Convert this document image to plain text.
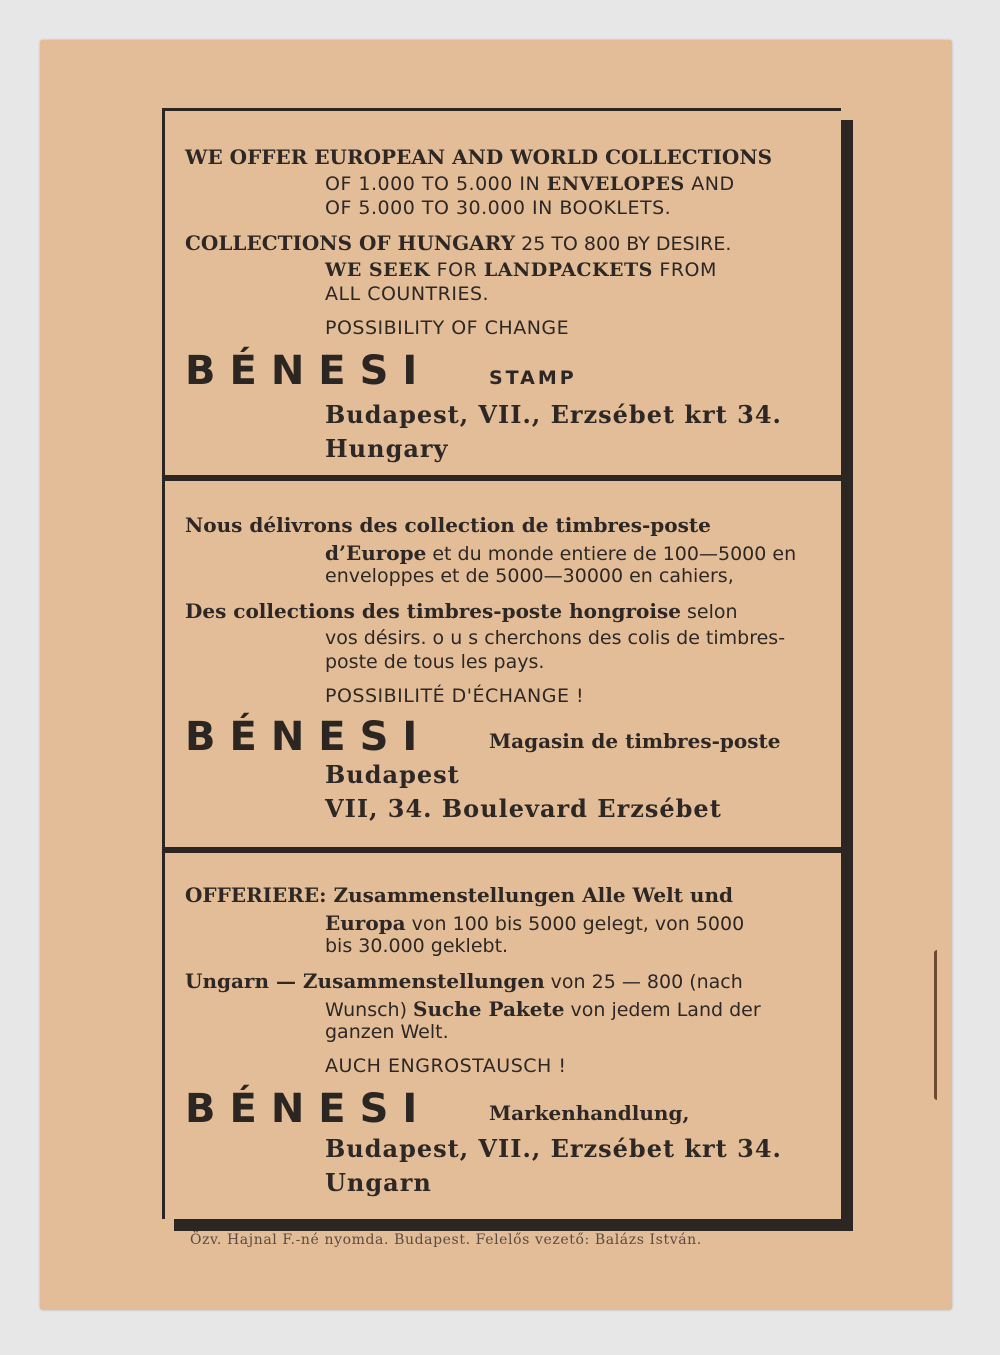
WE OFFER EUROPEAN AND WORLD COLLECTIONS
OF 1.000 TO 5.000 IN ENVELOPES AND
OF 5.000 TO 30.000 IN BOOKLETS.
COLLECTIONS OF HUNGARY 25 TO 800 BY DESIRE.
WE SEEK FOR LANDPACKETS FROM
ALL COUNTRIES.
POSSIBILITY OF CHANGE
BÉNESI	STAMP
Budapest, VII., Erzsébet krt 34.
Hungary
Nous délivrons des collection de timbres-poste
d’Europe et du monde entiere de 100—5000 en
enveloppes et de 5000—30000 en cahiers,
Des collections des timbres-poste hongroise selon
vos désirs. o u s cherchons des colis de timbres-
poste de tous les pays.
POSSIBILITÉ D'ÉCHANGE !
BÉNESI	Magasin de timbres-poste
Budapest
VII, 34. Boulevard Erzsébet
OFFERIERE: Zusammenstellungen Alle Welt und
Europa von 100 bis 5000 gelegt, von 5000
bis 30.000 geklebt.
Ungarn — Zusammenstellungen von 25 — 800 (nach
Wunsch) Suche Pakete von jedem Land der
ganzen Welt.
AUCH ENGROSTAUSCH !
BÉNESI	Markenhandlung,
Budapest, VII., Erzsébet krt 34.
Ungarn
Özv. Hajnal F.-né nyomda. Budapest. Felelős vezető: Balázs István.
